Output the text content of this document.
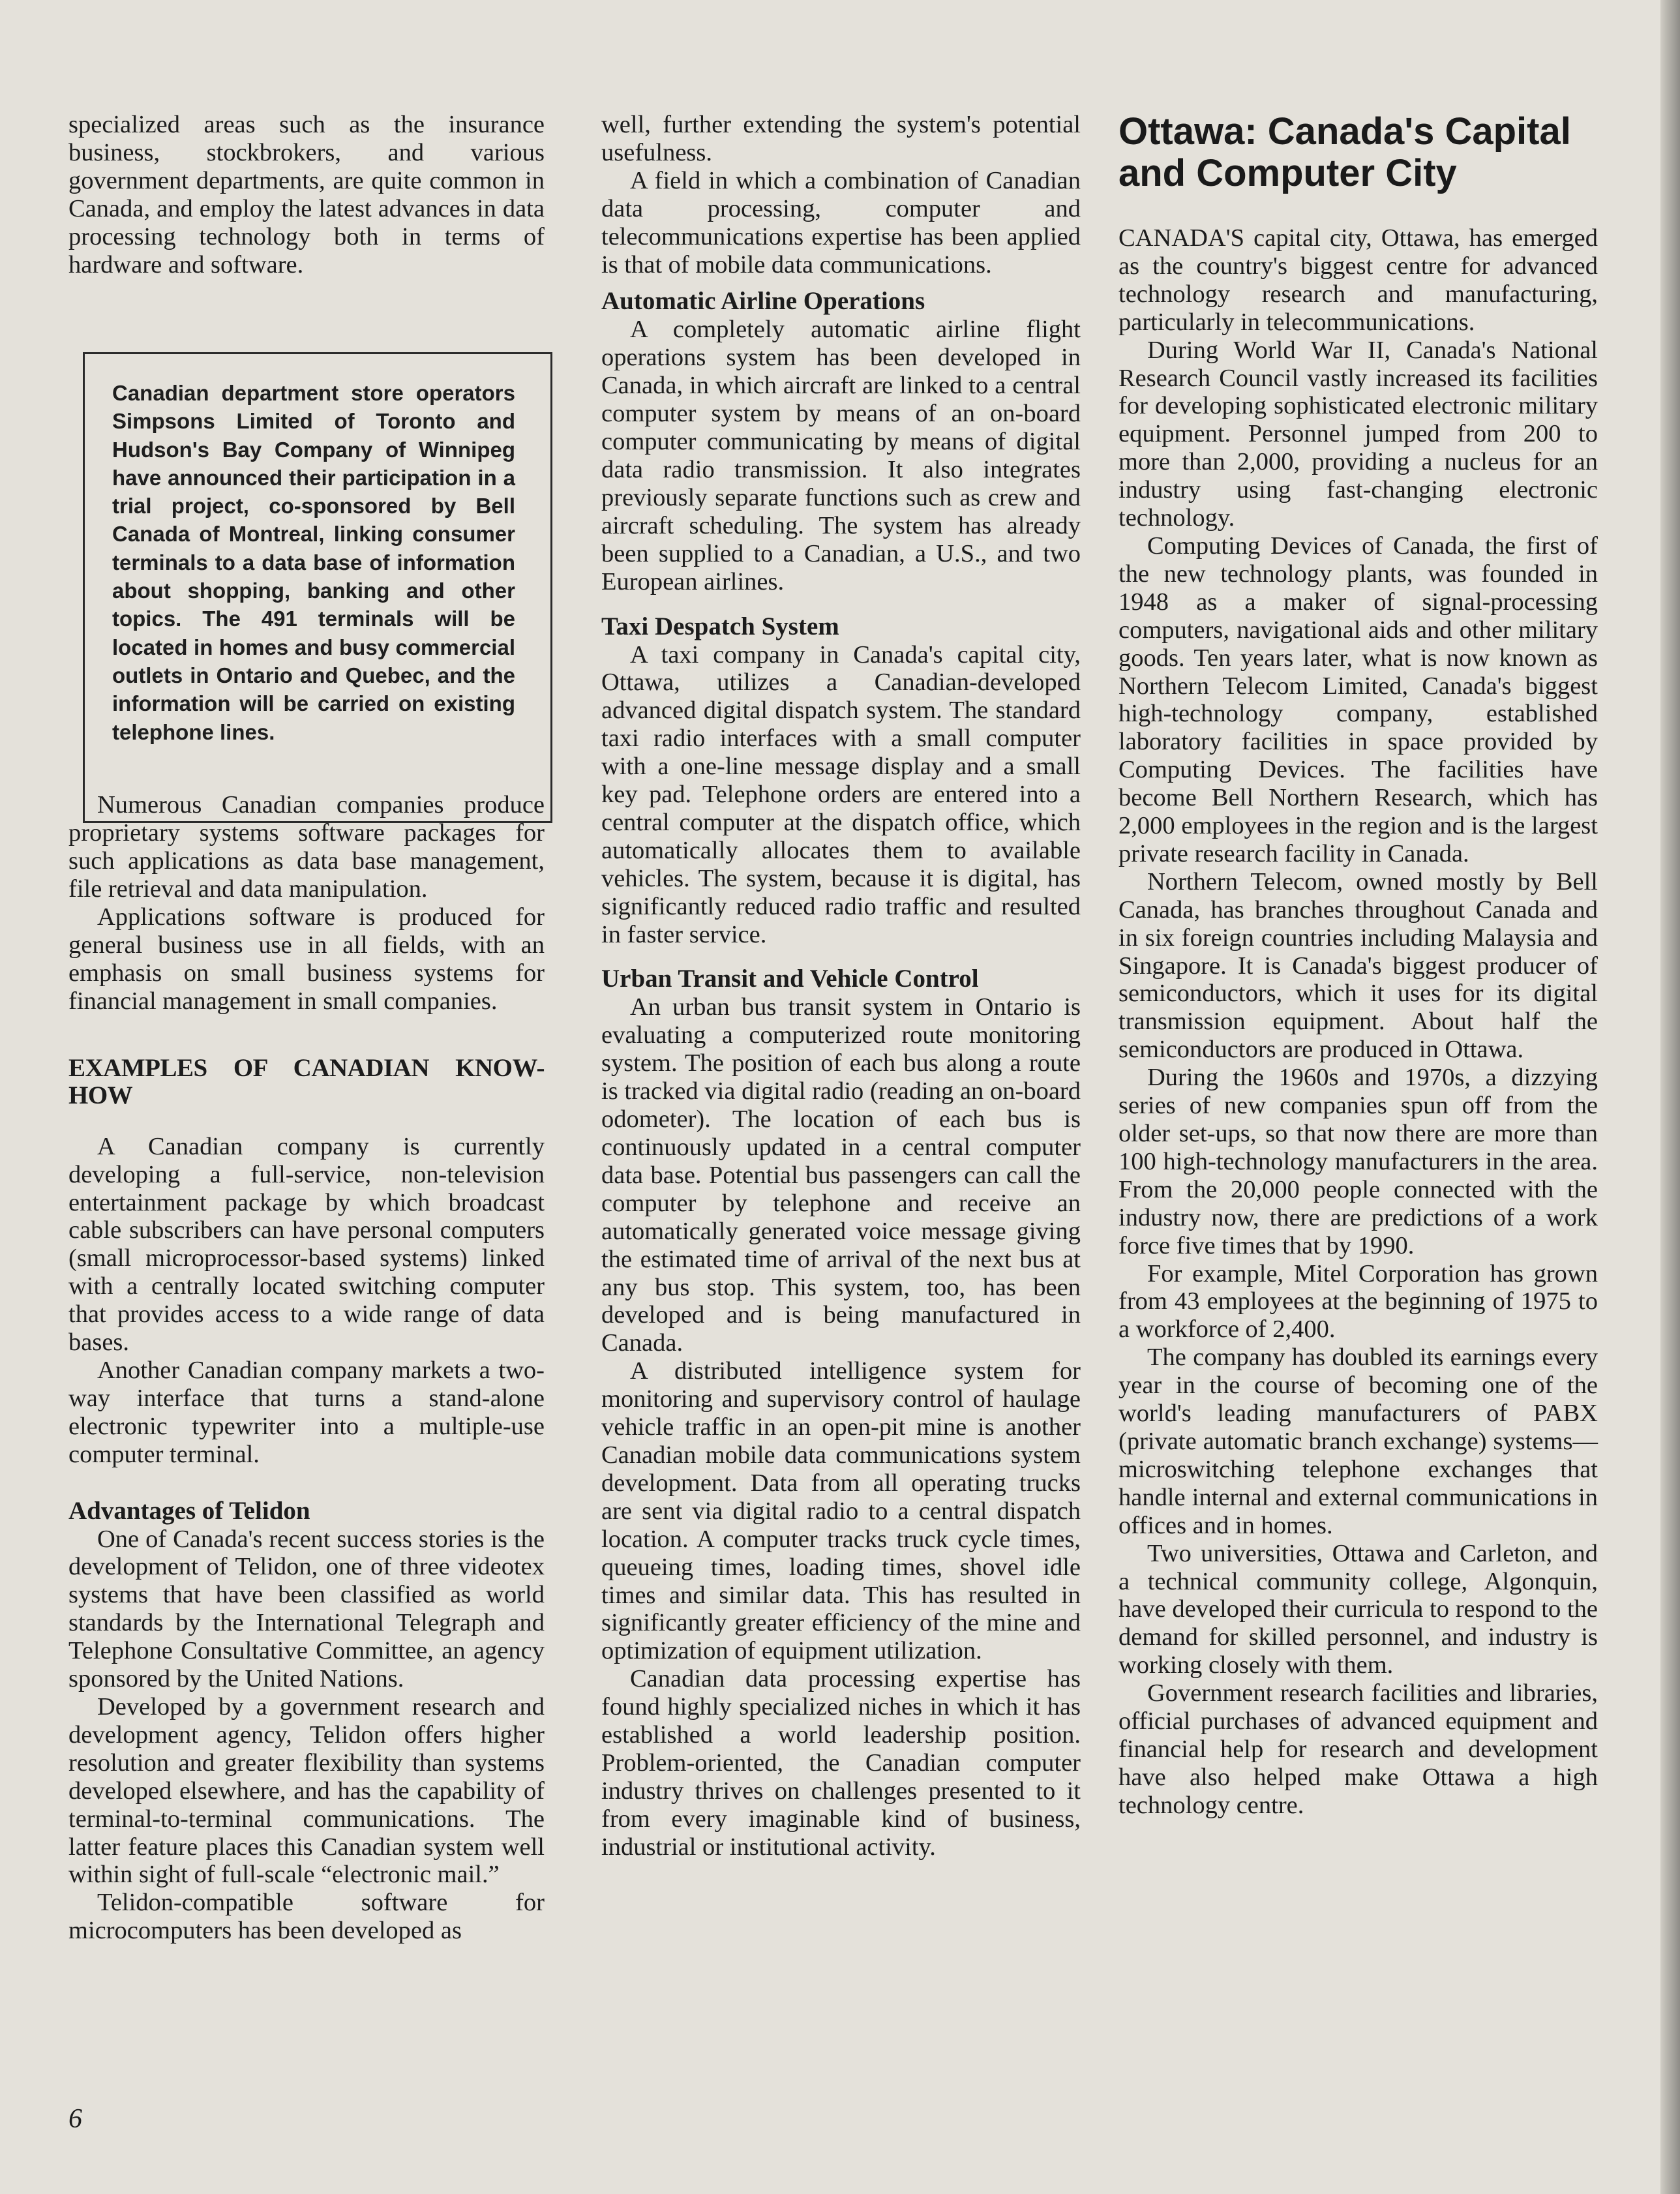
specialized areas such as the insurance business, stockbrokers, and various government departments, are quite common in Canada, and employ the latest advances in data processing technology both in terms of hardware and software.

Numerous Canadian companies produce proprietary systems software packages for such applications as data base management, file retrieval and data manipulation.

Applications software is produced for general business use in all fields, with an emphasis on small business systems for financial management in small companies.

EXAMPLES OF CANADIAN KNOW-HOW

A Canadian company is currently developing a full-service, non-television entertainment package by which broadcast cable subscribers can have personal computers (small microprocessor-based systems) linked with a centrally located switching computer that provides access to a wide range of data bases.

Another Canadian company markets a two-way interface that turns a stand-alone electronic typewriter into a multiple-use computer terminal.

Advantages of Telidon

One of Canada's recent success stories is the development of Telidon, one of three videotex systems that have been classified as world standards by the International Telegraph and Telephone Consultative Committee, an agency sponsored by the United Nations.

Developed by a government research and development agency, Telidon offers higher resolution and greater flexibility than systems developed elsewhere, and has the capability of terminal-to-terminal communications. The latter feature places this Canadian system well within sight of full-scale “electronic mail.”

Telidon-compatible software for microcomputers has been developed as

Canadian department store operators Simpsons Limited of Toronto and Hudson's Bay Company of Winnipeg have announced their participation in a trial project, co-sponsored by Bell Canada of Montreal, linking consumer terminals to a data base of information about shopping, banking and other topics. The 491 terminals will be located in homes and busy commercial outlets in Ontario and Quebec, and the information will be carried on existing telephone lines.

well, further extending the system's potential usefulness.

A field in which a combination of Canadian data processing, computer and telecommunications expertise has been applied is that of mobile data communications.

Automatic Airline Operations

A completely automatic airline flight operations system has been developed in Canada, in which aircraft are linked to a central computer system by means of an on-board computer communicating by means of digital data radio transmission. It also integrates previously separate functions such as crew and aircraft scheduling. The system has already been supplied to a Canadian, a U.S., and two European airlines.

Taxi Despatch System

A taxi company in Canada's capital city, Ottawa, utilizes a Canadian-developed advanced digital dispatch system. The standard taxi radio interfaces with a small computer with a one-line message display and a small key pad. Telephone orders are entered into a central computer at the dispatch office, which automatically allocates them to available vehicles. The system, because it is digital, has significantly reduced radio traffic and resulted in faster service.

Urban Transit and Vehicle Control

An urban bus transit system in Ontario is evaluating a computerized route monitoring system. The position of each bus along a route is tracked via digital radio (reading an on-board odometer). The location of each bus is continuously updated in a central computer data base. Potential bus passengers can call the computer by telephone and receive an automatically generated voice message giving the estimated time of arrival of the next bus at any bus stop. This system, too, has been developed and is being manufactured in Canada.

A distributed intelligence system for monitoring and supervisory control of haulage vehicle traffic in an open-pit mine is another Canadian mobile data communications system development. Data from all operating trucks are sent via digital radio to a central dispatch location. A computer tracks truck cycle times, queueing times, loading times, shovel idle times and similar data. This has resulted in significantly greater efficiency of the mine and optimization of equipment utilization.

Canadian data processing expertise has found highly specialized niches in which it has established a world leadership position. Problem-oriented, the Canadian computer industry thrives on challenges presented to it from every imaginable kind of business, industrial or institutional activity.

Ottawa: Canada's Capital and Computer City

CANADA'S capital city, Ottawa, has emerged as the country's biggest centre for advanced technology research and manufacturing, particularly in telecommunications.

During World War II, Canada's National Research Council vastly increased its facilities for developing sophisticated electronic military equipment. Personnel jumped from 200 to more than 2,000, providing a nucleus for an industry using fast-changing electronic technology.

Computing Devices of Canada, the first of the new technology plants, was founded in 1948 as a maker of signal-processing computers, navigational aids and other military goods. Ten years later, what is now known as Northern Telecom Limited, Canada's biggest high-technology company, established laboratory facilities in space provided by Computing Devices. The facilities have become Bell Northern Research, which has 2,000 employees in the region and is the largest private research facility in Canada.

Northern Telecom, owned mostly by Bell Canada, has branches throughout Canada and in six foreign countries including Malaysia and Singapore. It is Canada's biggest producer of semiconductors, which it uses for its digital transmission equipment. About half the semiconductors are produced in Ottawa.

During the 1960s and 1970s, a dizzying series of new companies spun off from the older set-ups, so that now there are more than 100 high-technology manufacturers in the area. From the 20,000 people connected with the industry now, there are predictions of a work force five times that by 1990.

For example, Mitel Corporation has grown from 43 employees at the beginning of 1975 to a workforce of 2,400.

The company has doubled its earnings every year in the course of becoming one of the world's leading manufacturers of PABX (private automatic branch exchange) systems—microswitching telephone exchanges that handle internal and external communications in offices and in homes.

Two universities, Ottawa and Carleton, and a technical community college, Algonquin, have developed their curricula to respond to the demand for skilled personnel, and industry is working closely with them.

Government research facilities and libraries, official purchases of advanced equipment and financial help for research and development have also helped make Ottawa a high technology centre.

6
